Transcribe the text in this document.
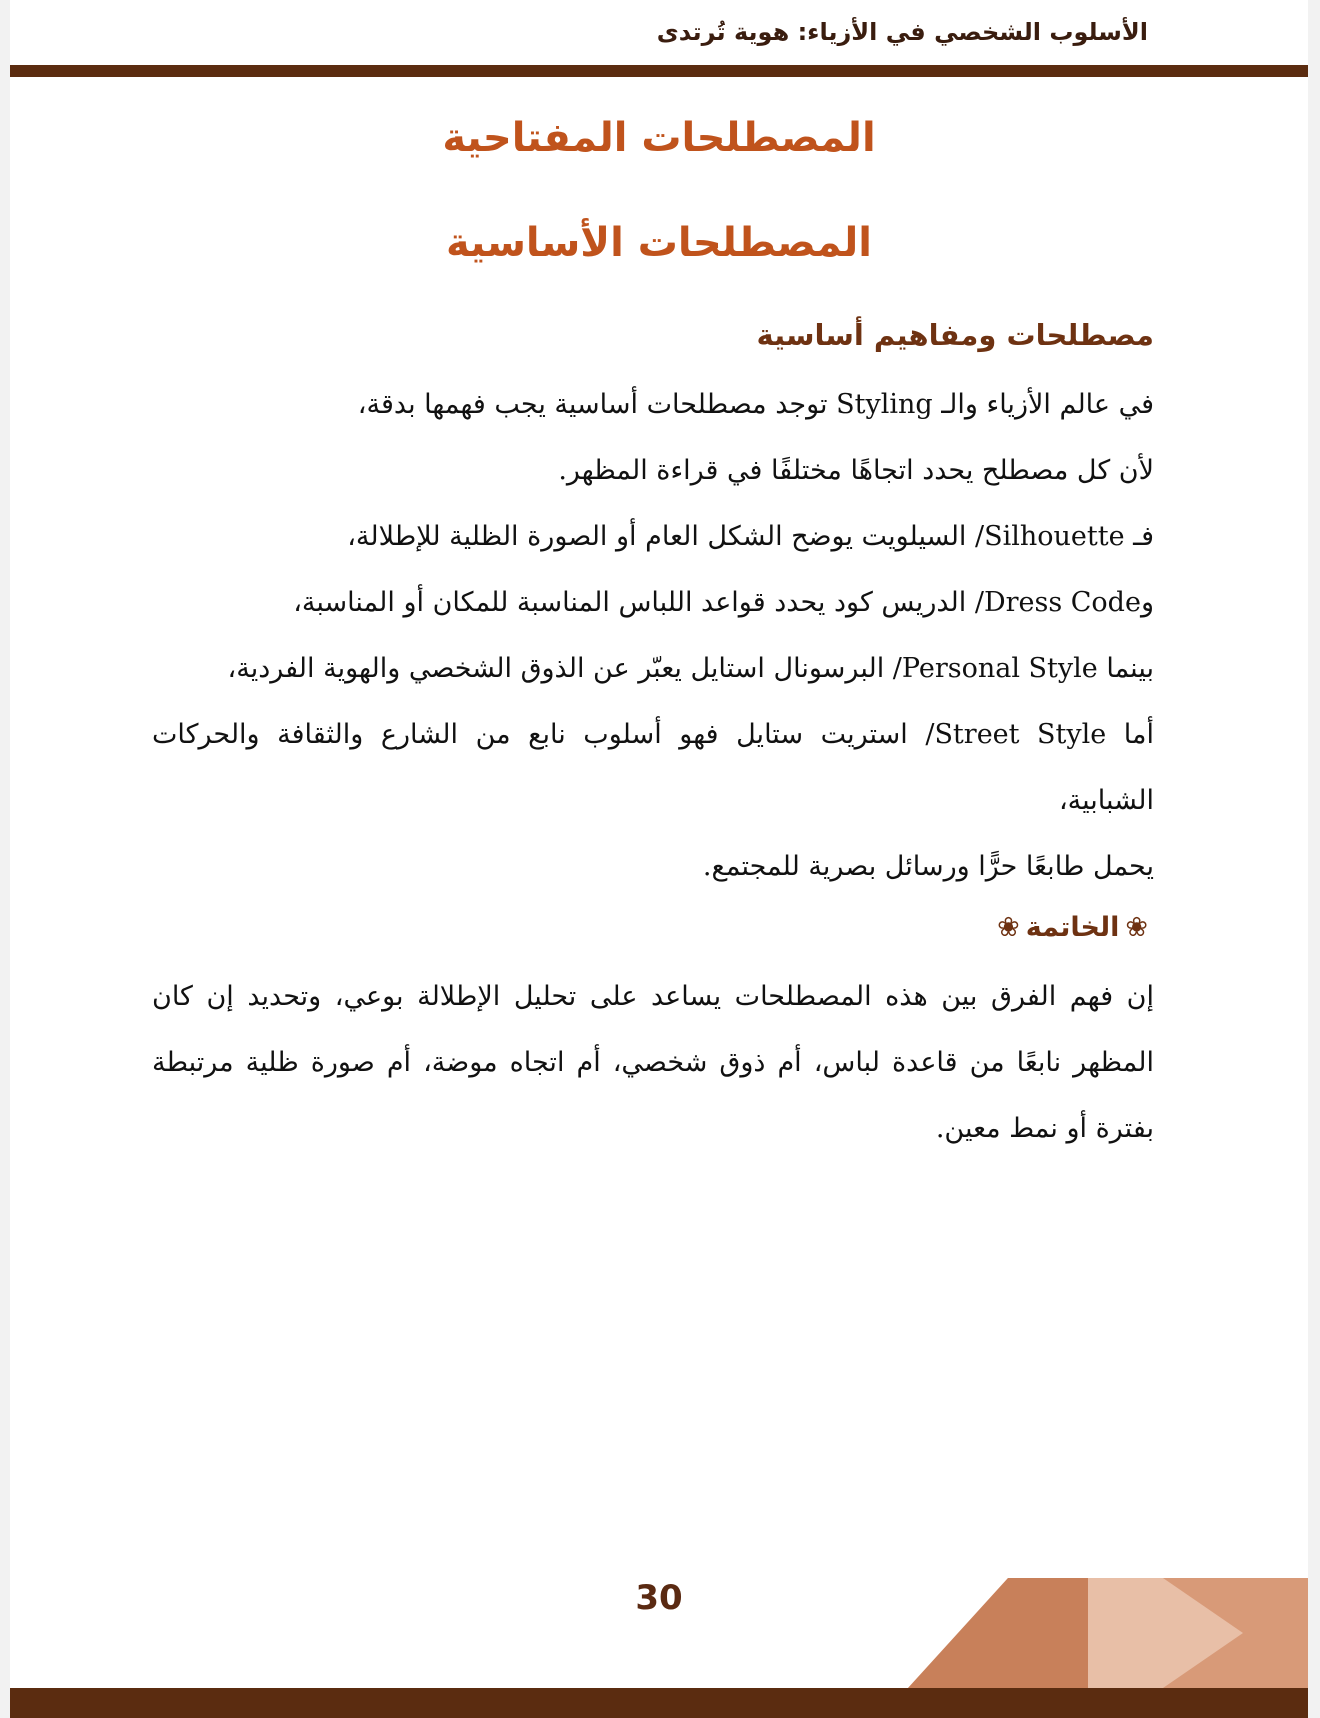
الأسلوب الشخصي في الأزياء: هوية تُرتدى
المصطلحات المفتاحية
المصطلحات الأساسية
مصطلحات ومفاهيم أساسية

في عالم الأزياء والـ Styling توجد مصطلحات أساسية يجب فهمها بدقة،

لأن كل مصطلح يحدد اتجاهًا مختلفًا في قراءة المظهر.

فـ Silhouette/ السيلويت يوضح الشكل العام أو الصورة الظلية للإطلالة،

وDress Code/ الدريس كود يحدد قواعد اللباس المناسبة للمكان أو المناسبة،

بينما Personal Style/ البرسونال استايل يعبّر عن الذوق الشخصي والهوية الفردية،

أما Street Style/ استريت ستايل فهو أسلوب نابع من الشارع والثقافة والحركات الشبابية،

يحمل طابعًا حرًّا ورسائل بصرية للمجتمع.

❀الخاتمة❀

إن فهم الفرق بين هذه المصطلحات يساعد على تحليل الإطلالة بوعي، وتحديد إن كان المظهر نابعًا من قاعدة لباس، أم ذوق شخصي، أم اتجاه موضة، أم صورة ظلية مرتبطة بفترة أو نمط معين.

30
